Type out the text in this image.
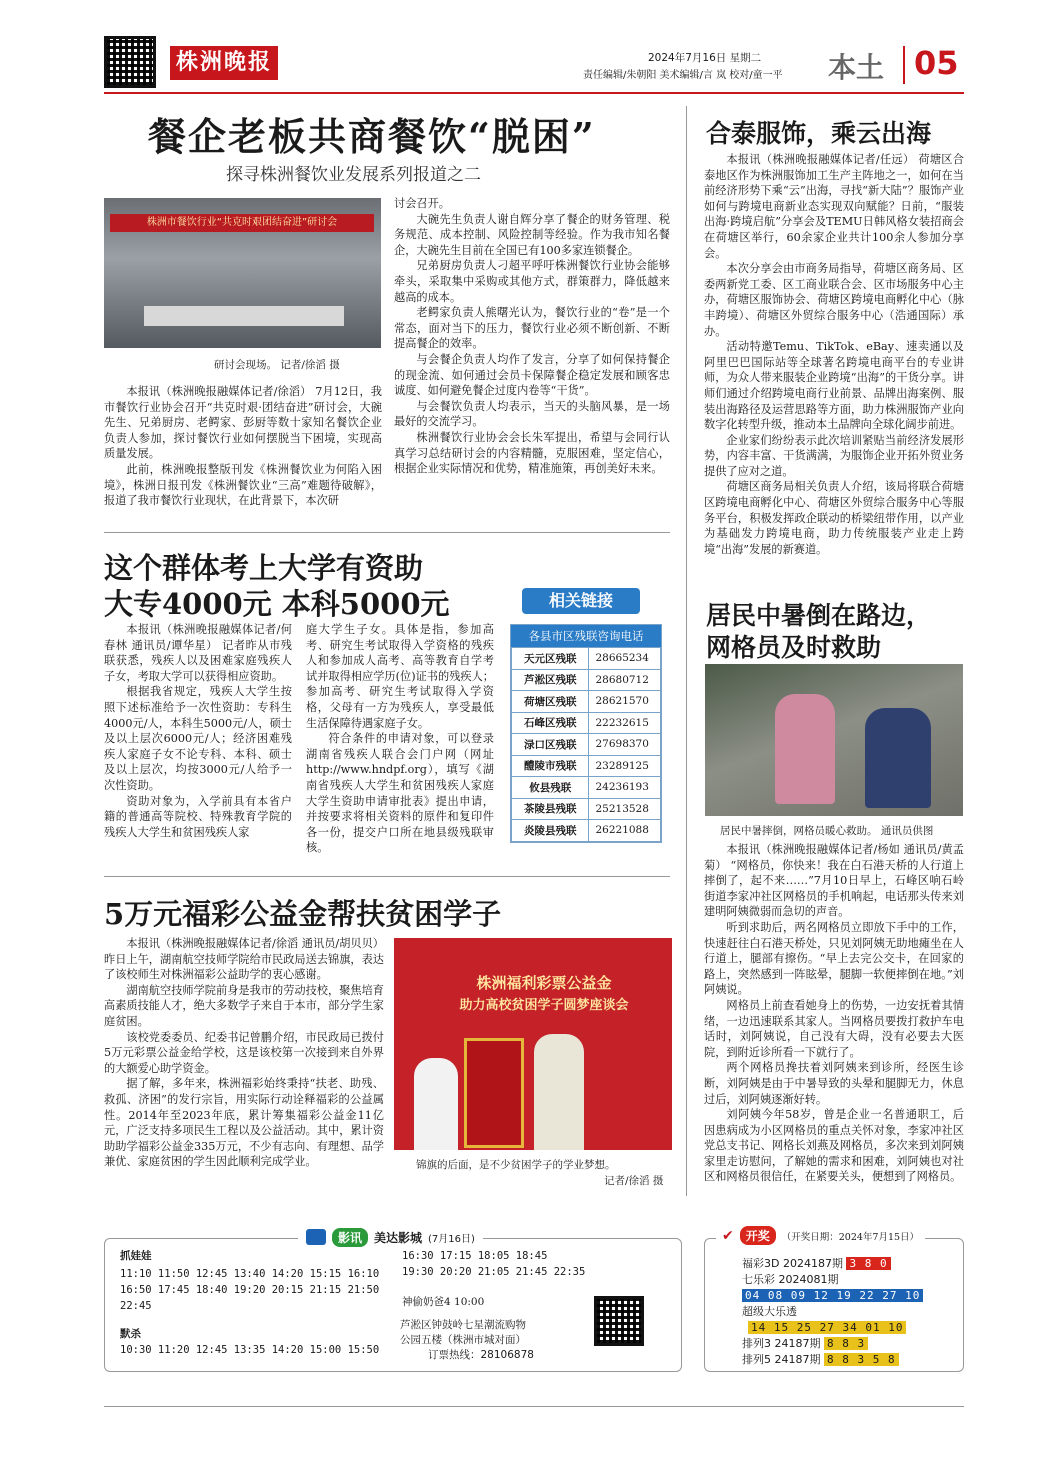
株洲晚报	2024年7月16日 星期二
责任编辑/朱朝阳 美术编辑/言 岚 校对/童一平 本土 05
餐企老板共商餐饮“脱困”
探寻株洲餐饮业发展系列报道之二
株洲市餐饮行业“共克时艰团结奋进”研讨会
研讨会现场。 记者/徐滔 摄

本报讯（株洲晚报融媒体记者/徐滔） 7月12日，我市餐饮行业协会召开“共克时艰·团结奋进”研讨会，大碗先生、兄弟厨房、老鳄家、彭厨等数十家知名餐饮企业负责人参加，探讨餐饮行业如何摆脱当下困境，实现高质量发展。

此前，株洲晚报整版刊发《株洲餐饮业为何陷入困境》，株洲日报刊发《株洲餐饮业“三高”难题待破解》，报道了我市餐饮行业现状，在此背景下，本次研

讨会召开。

大碗先生负责人谢自辉分享了餐企的财务管理、税务规范、成本控制、风险控制等经验。作为我市知名餐企，大碗先生目前在全国已有100多家连锁餐企。

兄弟厨房负责人刁超平呼吁株洲餐饮行业协会能够牵头，采取集中采购或其他方式，群策群力，降低越来越高的成本。

老鳄家负责人熊曙光认为，餐饮行业的“卷”是一个常态，面对当下的压力，餐饮行业必须不断创新、不断提高餐企的效率。

与会餐企负责人均作了发言，分享了如何保持餐企的现金流、如何通过会员卡保障餐企稳定发展和顾客忠诚度、如何避免餐企过度内卷等“干货”。

与会餐饮负责人均表示，当天的头脑风暴，是一场最好的交流学习。

株洲餐饮行业协会会长朱军提出，希望与会同行认真学习总结研讨会的内容精髓，克服困难，坚定信心，根据企业实际情况和优势，精准施策，再创美好未来。

合泰服饰，乘云出海

本报讯（株洲晚报融媒体记者/任远） 荷塘区合泰地区作为株洲服饰加工生产主阵地之一，如何在当前经济形势下乘“云”出海，寻找“新大陆”？服饰产业如何与跨境电商新业态实现双向赋能？日前，“服装出海·跨境启航”分享会及TEMU日韩风格女装招商会在荷塘区举行，60余家企业共计100余人参加分享会。

本次分享会由市商务局指导，荷塘区商务局、区委两新党工委、区工商业联合会、区市场服务中心主办，荷塘区服饰协会、荷塘区跨境电商孵化中心（脉丰跨境）、荷塘区外贸综合服务中心（浩通国际）承办。

活动特邀Temu、TikTok、eBay、速卖通以及阿里巴巴国际站等全球著名跨境电商平台的专业讲师，为众人带来服装企业跨境“出海”的干货分享。讲师们通过介绍跨境电商行业前景、品牌出海案例、服装出海路径及运营思路等方面，助力株洲服饰产业向数字化转型升级，推动本土品牌向全球化阔步前进。

企业家们纷纷表示此次培训紧贴当前经济发展形势，内容丰富、干货满满，为服饰企业开拓外贸业务提供了应对之道。

荷塘区商务局相关负责人介绍，该局将联合荷塘区跨境电商孵化中心、荷塘区外贸综合服务中心等服务平台，积极发挥政企联动的桥梁纽带作用，以产业为基础发力跨境电商，助力传统服装产业走上跨境“出海”发展的新赛道。

这个群体考上大学有资助
大专4000元 本科5000元

本报讯（株洲晚报融媒体记者/何春林 通讯员/谭华星） 记者昨从市残联获悉，残疾人以及困难家庭残疾人子女，考取大学可以获得相应资助。

根据我省规定，残疾人大学生按照下述标准给予一次性资助：专科生4000元/人，本科生5000元/人，硕士及以上层次6000元/人；经济困难残疾人家庭子女不论专科、本科、硕士及以上层次，均按3000元/人给予一次性资助。

资助对象为，入学前具有本省户籍的普通高等院校、特殊教育学院的残疾人大学生和贫困残疾人家

庭大学生子女。具体是指，参加高考、研究生考试取得入学资格的残疾人和参加成人高考、高等教育自学考试并取得相应学历(位)证书的残疾人；参加高考、研究生考试取得入学资格，父母有一方为残疾人，享受最低生活保障待遇家庭子女。

符合条件的申请对象，可以登录湖南省残疾人联合会门户网（网址http://www.hndpf.org），填写《湖南省残疾人大学生和贫困残疾人家庭大学生资助申请审批表》提出申请，并按要求将相关资料的原件和复印件各一份，提交户口所在地县级残联审核。

相关链接
各县市区残联咨询电话
天元区残联	28665234
芦淞区残联	28680712
荷塘区残联	28621570
石峰区残联	22232615
渌口区残联	27698370
醴陵市残联	23289125
攸县残联	24236193
茶陵县残联	25213528
炎陵县残联	26221088
居民中暑倒在路边，
网格员及时救助
居民中暑摔倒，网格员暖心救助。 通讯员供图

本报讯（株洲晚报融媒体记者/杨如 通讯员/黄孟菊） “网格员，你快来！我在白石港天桥的人行道上摔倒了，起不来……”7月10日早上，石峰区响石岭街道李家冲社区网格员的手机响起，电话那头传来刘建明阿姨微弱而急切的声音。

听到求助后，两名网格员立即放下手中的工作，快速赶往白石港天桥处，只见刘阿姨无助地瘫坐在人行道上，腿部有擦伤。“早上去完公交卡，在回家的路上，突然感到一阵眩晕，腿脚一软便摔倒在地。”刘阿姨说。

网格员上前查看她身上的伤势，一边安抚着其情绪，一边迅速联系其家人。当网格员要拨打救护车电话时，刘阿姨说，自己没有大碍，没有必要去大医院，到附近诊所看一下就行了。

两个网格员搀扶着刘阿姨来到诊所，经医生诊断，刘阿姨是由于中暑导致的头晕和腿脚无力，休息过后，刘阿姨逐渐好转。

刘阿姨今年58岁，曾是企业一名普通职工，后因患病成为小区网格员的重点关怀对象，李家冲社区党总支书记、网格长刘燕及网格员，多次来到刘阿姨家里走访慰问，了解她的需求和困难，刘阿姨也对社区和网格员很信任，在紧要关头，便想到了网格员。

5万元福彩公益金帮扶贫困学子

本报讯（株洲晚报融媒体记者/徐滔 通讯员/胡贝贝） 昨日上午，湖南航空技师学院给市民政局送去锦旗，表达了该校师生对株洲福彩公益助学的衷心感谢。

湖南航空技师学院前身是我市的劳动技校，聚焦培育高素质技能人才，绝大多数学子来自于本市，部分学生家庭贫困。

该校党委委员、纪委书记曾鹏介绍，市民政局已拨付5万元彩票公益金给学校，这是该校第一次接到来自外界的大额爱心助学资金。

据了解，多年来，株洲福彩始终秉持“扶老、助残、救孤、济困”的发行宗旨，用实际行动诠释福彩的公益属性。2014年至2023年底，累计筹集福彩公益金11亿元，广泛支持多项民生工程以及公益活动。其中，累计资助助学福彩公益金335万元，不少有志向、有理想、品学兼优、家庭贫困的学生因此顺利完成学业。

株洲福利彩票公益金
助力高校贫困学子圆梦座谈会
锦旗的后面，是不少贫困学子的学业梦想。
记者/徐滔 摄
影讯	美达影城 (7月16日)
抓娃娃
11:10 11:50 12:45 13:40 14:20 15:15 16:10
16:50 17:45 18:40 19:20 20:15 21:15 21:50
22:45
默杀
10:30 11:20 12:45 13:35 14:20 15:00 15:50
16:30 17:15 18:05 18:45
19:30 20:20 21:05 21:45 22:35
神偷奶爸4 10:00
芦淞区钟鼓岭七星潮流购物
公园五楼（株洲市城对面）
订票热线：28106878
✔	开奖	（开奖日期：2024年7月15日）
福彩3D 2024187期 3 8 0
七乐彩 2024081期
04 08 09 12 19 22 27 10
超级大乐透
14 15 25 27 34 01 10
排列3 24187期 8 8 3
排列5 24187期 8 8 3 5 8
